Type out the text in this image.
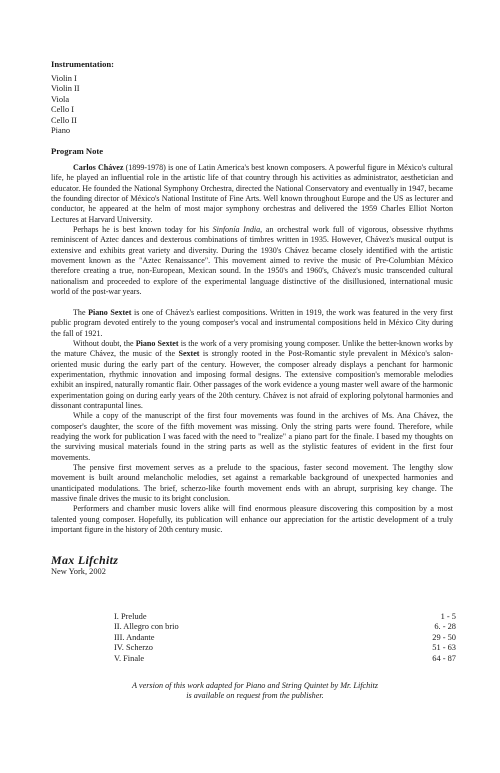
Instrumentation:
Violin I
Violin II
Viola
Cello I
Cello II
Piano
Program Note

Carlos Chávez (1899-1978) is one of Latin America's best known composers. A powerful figure in México's cultural life, he played an influential role in the artistic life of that country through his activities as administrator, aesthetician and educator. He founded the National Symphony Orchestra, directed the National Conservatory and eventually in 1947, became the founding director of México's National Institute of Fine Arts. Well known throughout Europe and the US as lecturer and conductor, he appeared at the helm of most major symphony orchestras and delivered the 1959 Charles Elliot Norton Lectures at Harvard University.

Perhaps he is best known today for his Sinfonía India, an orchestral work full of vigorous, obsessive rhythms reminiscent of Aztec dances and dexterous combinations of timbres written in 1935. However, Chávez's musical output is extensive and exhibits great variety and diversity. During the 1930's Chávez became closely identified with the artistic movement known as the "Aztec Renaissance". This movement aimed to revive the music of Pre-Columbian México therefore creating a true, non-European, Mexican sound. In the 1950's and 1960's, Chávez's music transcended cultural nationalism and proceeded to explore of the experimental language distinctive of the disillusioned, international music world of the post-war years.

The Piano Sextet is one of Chávez's earliest compositions. Written in 1919, the work was featured in the very first public program devoted entirely to the young composer's vocal and instrumental compositions held in México City during the fall of 1921.

Without doubt, the Piano Sextet is the work of a very promising young composer. Unlike the better-known works by the mature Chávez, the music of the Sextet is strongly rooted in the Post-Romantic style prevalent in México's salon-oriented music during the early part of the century. However, the composer already displays a penchant for harmonic experimentation, rhythmic innovation and imposing formal designs. The extensive composition's memorable melodies exhibit an inspired, naturally romantic flair. Other passages of the work evidence a young master well aware of the harmonic experimentation going on during early years of the 20th century. Chávez is not afraid of exploring polytonal harmonies and dissonant contrapuntal lines.

While a copy of the manuscript of the first four movements was found in the archives of Ms. Ana Chávez, the composer's daughter, the score of the fifth movement was missing. Only the string parts were found. Therefore, while readying the work for publication I was faced with the need to "realize" a piano part for the finale. I based my thoughts on the surviving musical materials found in the string parts as well as the stylistic features of evident in the first four movements.

The pensive first movement serves as a prelude to the spacious, faster second movement. The lengthy slow movement is built around melancholic melodies, set against a remarkable background of unexpected harmonies and unanticipated modulations. The brief, scherzo-like fourth movement ends with an abrupt, surprising key change. The massive finale drives the music to its bright conclusion.

Performers and chamber music lovers alike will find enormous pleasure discovering this composition by a most talented young composer. Hopefully, its publication will enhance our appreciation for the artistic development of a truly important figure in the history of 20th century music.

Max Lifchitz
New York, 2002
I. Prelude	1 - 5
II. Allegro con brio	6. - 28
III. Andante	29 - 50
IV. Scherzo	51 - 63
V. Finale	64 - 87
A version of this work adapted for Piano and String Quintet by Mr. Lifchitz
is available on request from the publisher.
